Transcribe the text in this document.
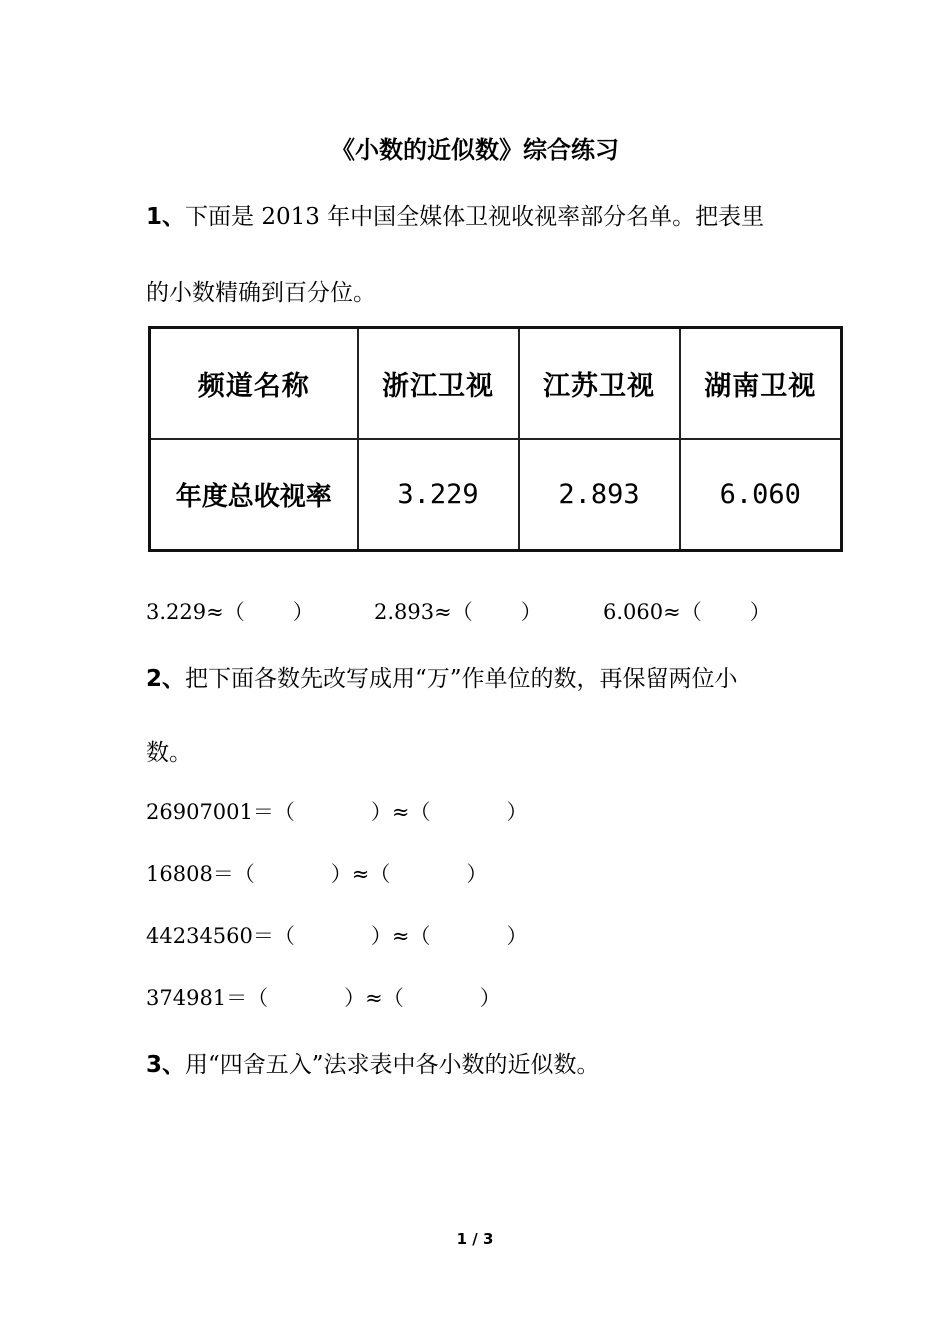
《小数的近似数》综合练习
1、下面是 2013 年中国全媒体卫视收视率部分名单。把表里
的小数精确到百分位。
频道名称	浙江卫视	江苏卫视	湖南卫视
年度总收视率	3.229	2.893	6.060
3.229≈（ ）	2.893≈（ ）	6.060≈（ ）
2、把下面各数先改写成用“万”作单位的数，再保留两位小
数。
26907001＝（	）≈（	）
16808＝（	）≈（	）
44234560＝（	）≈（	）
374981＝（	）≈（	）
3、用“四舍五入”法求表中各小数的近似数。
1 / 3
